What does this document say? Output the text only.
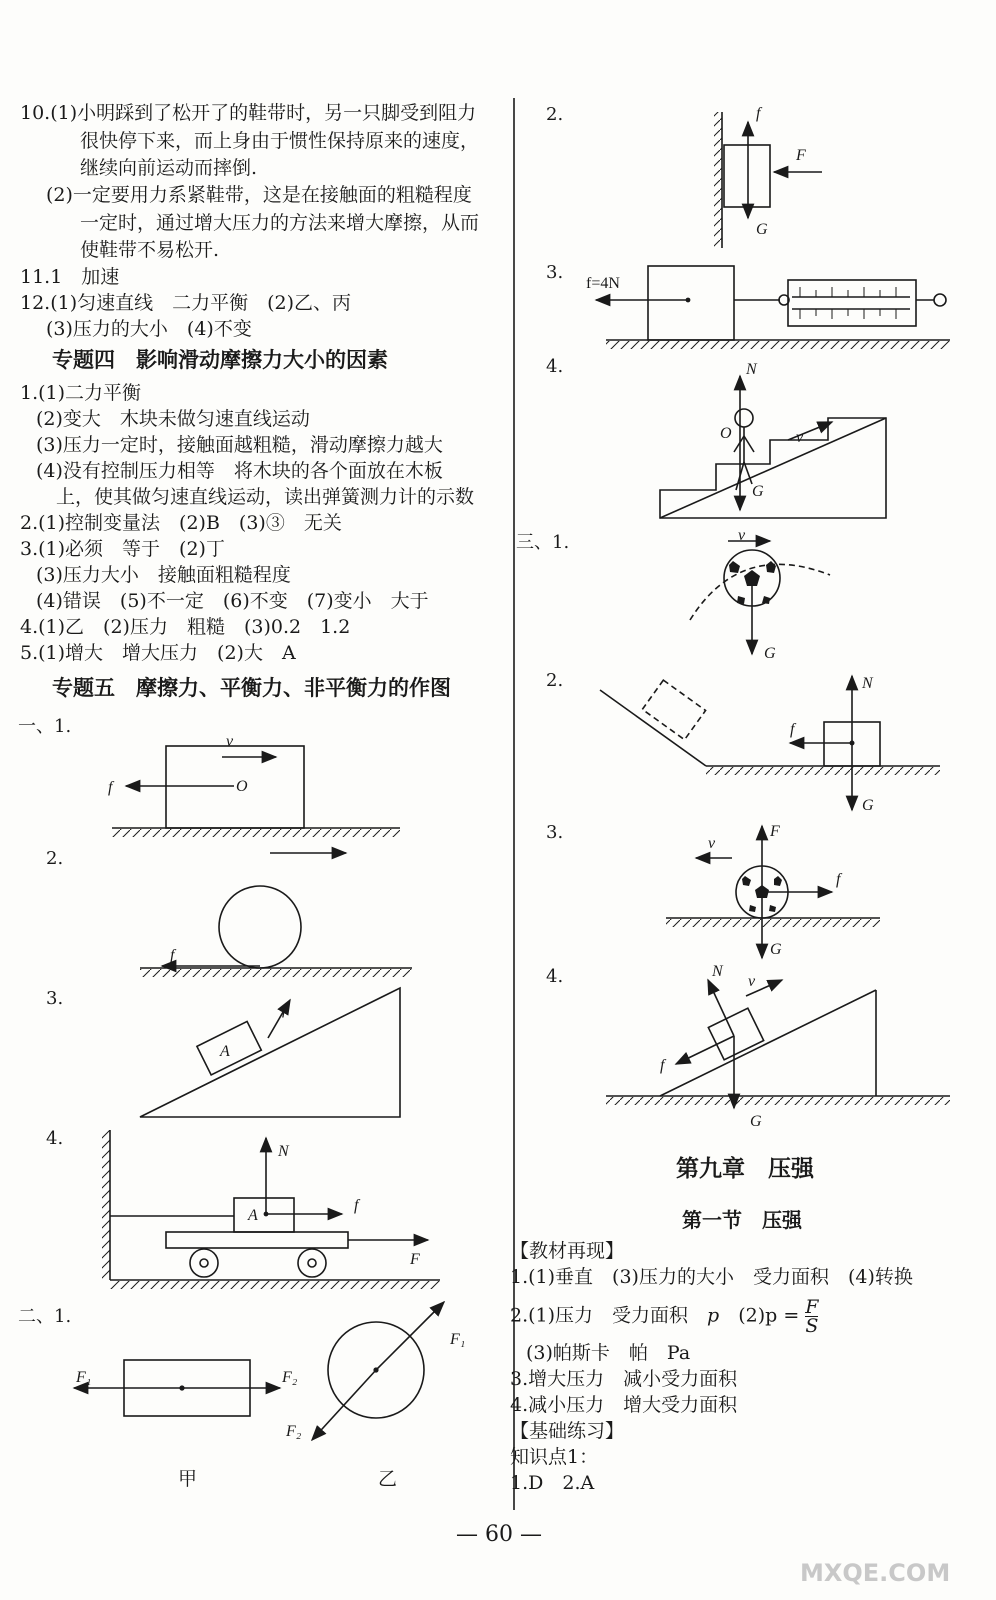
10.(1)小明踩到了松开了的鞋带时，另一只脚受到阻力
很快停下来，而上身由于惯性保持原来的速度，
继续向前运动而摔倒.
(2)一定要用力系紧鞋带，这是在接触面的粗糙程度
一定时，通过增大压力的方法来增大摩擦，从而
使鞋带不易松开.
11.1　加速
12.(1)匀速直线　二力平衡　(2)乙、丙
(3)压力的大小　(4)不变
专题四　影响滑动摩擦力大小的因素
1.(1)二力平衡
(2)变大　木块未做匀速直线运动
(3)压力一定时，接触面越粗糙，滑动摩擦力越大
(4)没有控制压力相等　将木块的各个面放在木板
上，使其做匀速直线运动，读出弹簧测力计的示数
2.(1)控制变量法　(2)B　(3)③　无关
3.(1)必须　等于　(2)丁
(3)压力大小　接触面粗糙程度
(4)错误　(5)不一定　(6)不变　(7)变小　大于
4.(1)乙　(2)压力　粗糙　(3)0.2　1.2
5.(1)增大　增大压力　(2)大　A
专题五　摩擦力、平衡力、非平衡力的作图
一、1.
2.
3.
4.
二、1.
甲	乙
2.
3.
4.
三、1.
2.
3.
4.
第九章　压强
第一节　压强
【教材再现】
1.(1)垂直　(3)压力的大小　受力面积　(4)转换
2.(1)压力　受力面积　p　$(2)p = \frac{F}{S}$
(3)帕斯卡　帕　Pa
3.增大压力　减小受力面积
4.减小压力　增大受力面积
【基础练习】
知识点1：
1.D　2.A
— 60 —
MXQE.COM
v
f	O
f
A
f
N
A
f
F
F₁	F₂
F₁
F₂
f
F
G
f=4N
N
O
G
v
v
G
N
f
G
F
v
f
G
N
v
f
G
